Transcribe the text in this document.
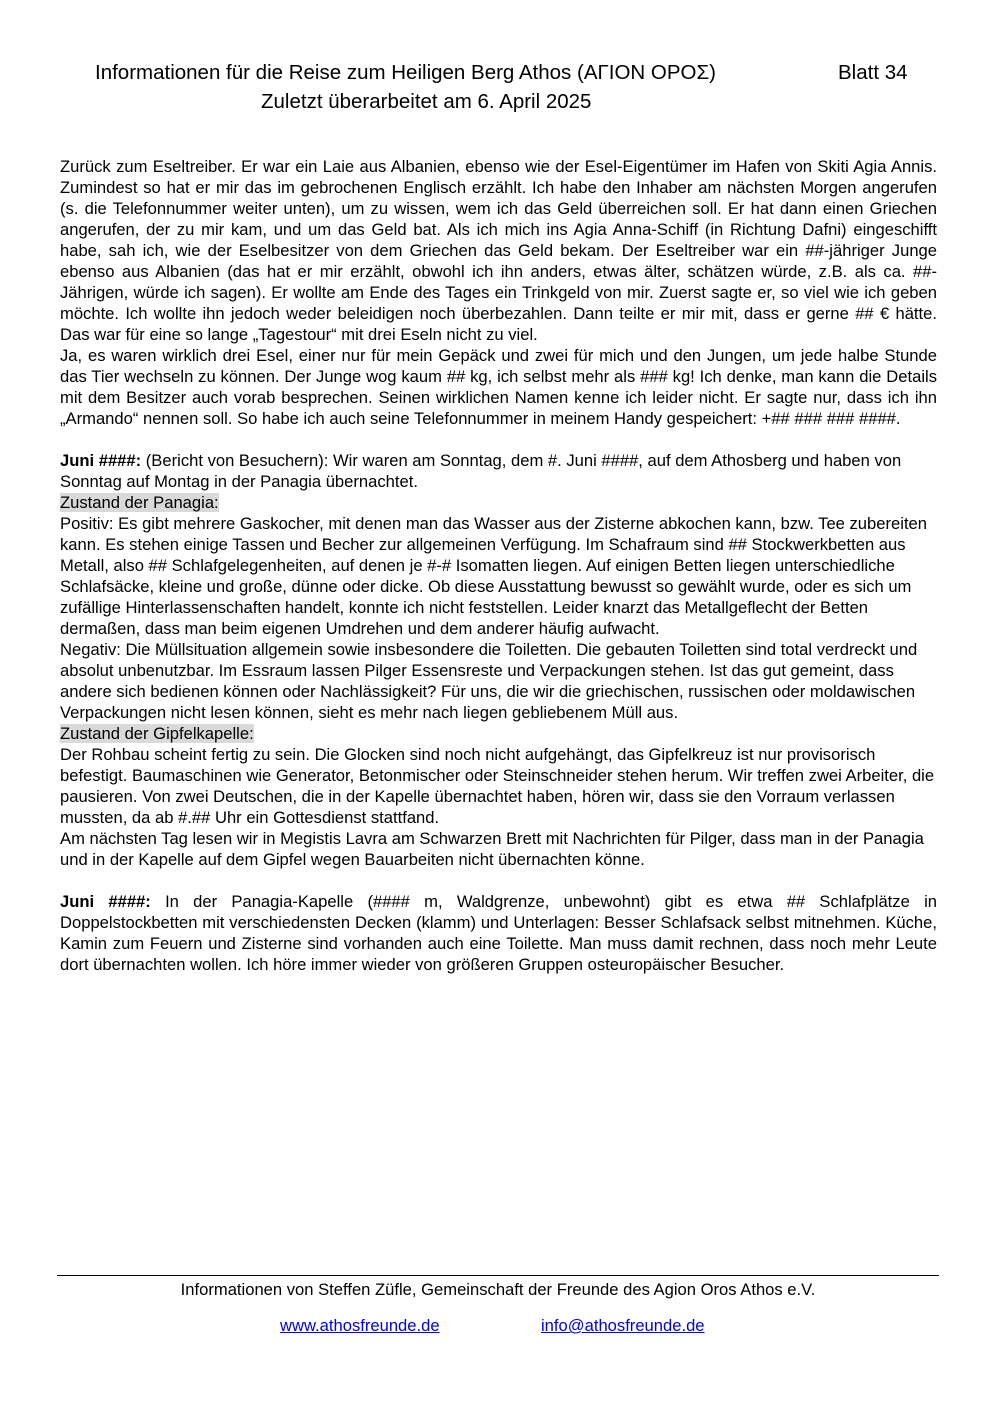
Informationen für die Reise zum Heiligen Berg Athos (ΑΓΙΟΝ ΟΡΟΣ)	Blatt 34
Zuletzt überarbeitet am 6. April 2025

Zurück zum Eseltreiber. Er war ein Laie aus Albanien, ebenso wie der Esel-Eigentümer im Hafen von Skiti Agia Annis. Zumindest so hat er mir das im gebrochenen Englisch erzählt. Ich habe den Inhaber am nächsten Morgen angerufen (s. die Telefonnummer weiter unten), um zu wissen, wem ich das Geld überreichen soll. Er hat dann einen Griechen angerufen, der zu mir kam, und um das Geld bat. Als ich mich ins Agia Anna-Schiff (in Richtung Dafni) eingeschifft habe, sah ich, wie der Eselbesitzer von dem Griechen das Geld bekam. Der Eseltreiber war ein ##-jähriger Junge ebenso aus Albanien (das hat er mir erzählt, obwohl ich ihn anders, etwas älter, schätzen würde, z.B. als ca. ##-Jährigen, würde ich sagen). Er wollte am Ende des Tages ein Trinkgeld von mir. Zuerst sagte er, so viel wie ich geben möchte. Ich wollte ihn jedoch weder beleidigen noch überbezahlen. Dann teilte er mir mit, dass er gerne ## € hätte. Das war für eine so lange „Tagestour“ mit drei Eseln nicht zu viel.

Ja, es waren wirklich drei Esel, einer nur für mein Gepäck und zwei für mich und den Jungen, um jede halbe Stunde das Tier wechseln zu können. Der Junge wog kaum ## kg, ich selbst mehr als ### kg! Ich denke, man kann die Details mit dem Besitzer auch vorab besprechen. Seinen wirklichen Namen kenne ich leider nicht. Er sagte nur, dass ich ihn „Armando“ nennen soll. So habe ich auch seine Telefonnummer in meinem Handy gespeichert: +## ### ### ####.

Juni ####: (Bericht von Besuchern): Wir waren am Sonntag, dem #. Juni ####, auf dem Athosberg und haben von Sonntag auf Montag in der Panagia übernachtet.

Zustand der Panagia:

Positiv: Es gibt mehrere Gaskocher, mit denen man das Wasser aus der Zisterne abkochen kann, bzw. Tee zubereiten kann. Es stehen einige Tassen und Becher zur allgemeinen Verfügung. Im Schafraum sind ## Stockwerkbetten aus Metall, also ## Schlafgelegenheiten, auf denen je #-# Isomatten liegen. Auf einigen Betten liegen unterschiedliche Schlafsäcke, kleine und große, dünne oder dicke. Ob diese Ausstattung bewusst so gewählt wurde, oder es sich um zufällige Hinterlassenschaften handelt, konnte ich nicht feststellen. Leider knarzt das Metallgeflecht der Betten dermaßen, dass man beim eigenen Umdrehen und dem anderer häufig aufwacht.

Negativ: Die Müllsituation allgemein sowie insbesondere die Toiletten. Die gebauten Toiletten sind total verdreckt und absolut unbenutzbar. Im Essraum lassen Pilger Essensreste und Verpackungen stehen. Ist das gut gemeint, dass andere sich bedienen können oder Nachlässigkeit? Für uns, die wir die griechischen, russischen oder moldawischen Verpackungen nicht lesen können, sieht es mehr nach liegen gebliebenem Müll aus.

Zustand der Gipfelkapelle:

Der Rohbau scheint fertig zu sein. Die Glocken sind noch nicht aufgehängt, das Gipfelkreuz ist nur provisorisch befestigt. Baumaschinen wie Generator, Betonmischer oder Steinschneider stehen herum. Wir treffen zwei Arbeiter, die pausieren. Von zwei Deutschen, die in der Kapelle übernachtet haben, hören wir, dass sie den Vorraum verlassen mussten, da ab #.## Uhr ein Gottesdienst stattfand.

Am nächsten Tag lesen wir in Megistis Lavra am Schwarzen Brett mit Nachrichten für Pilger, dass man in der Panagia und in der Kapelle auf dem Gipfel wegen Bauarbeiten nicht übernachten könne.

Juni ####: In der Panagia-Kapelle (#### m, Waldgrenze, unbewohnt) gibt es etwa ## Schlafplätze in Doppelstockbetten mit verschiedensten Decken (klamm) und Unterlagen: Besser Schlafsack selbst mitnehmen. Küche, Kamin zum Feuern und Zisterne sind vorhanden auch eine Toilette. Man muss damit rechnen, dass noch mehr Leute dort übernachten wollen. Ich höre immer wieder von größeren Gruppen osteuropäischer Besucher.

Informationen von Steffen Züfle, Gemeinschaft der Freunde des Agion Oros Athos e.V.
www.athosfreunde.de	info@athosfreunde.de
